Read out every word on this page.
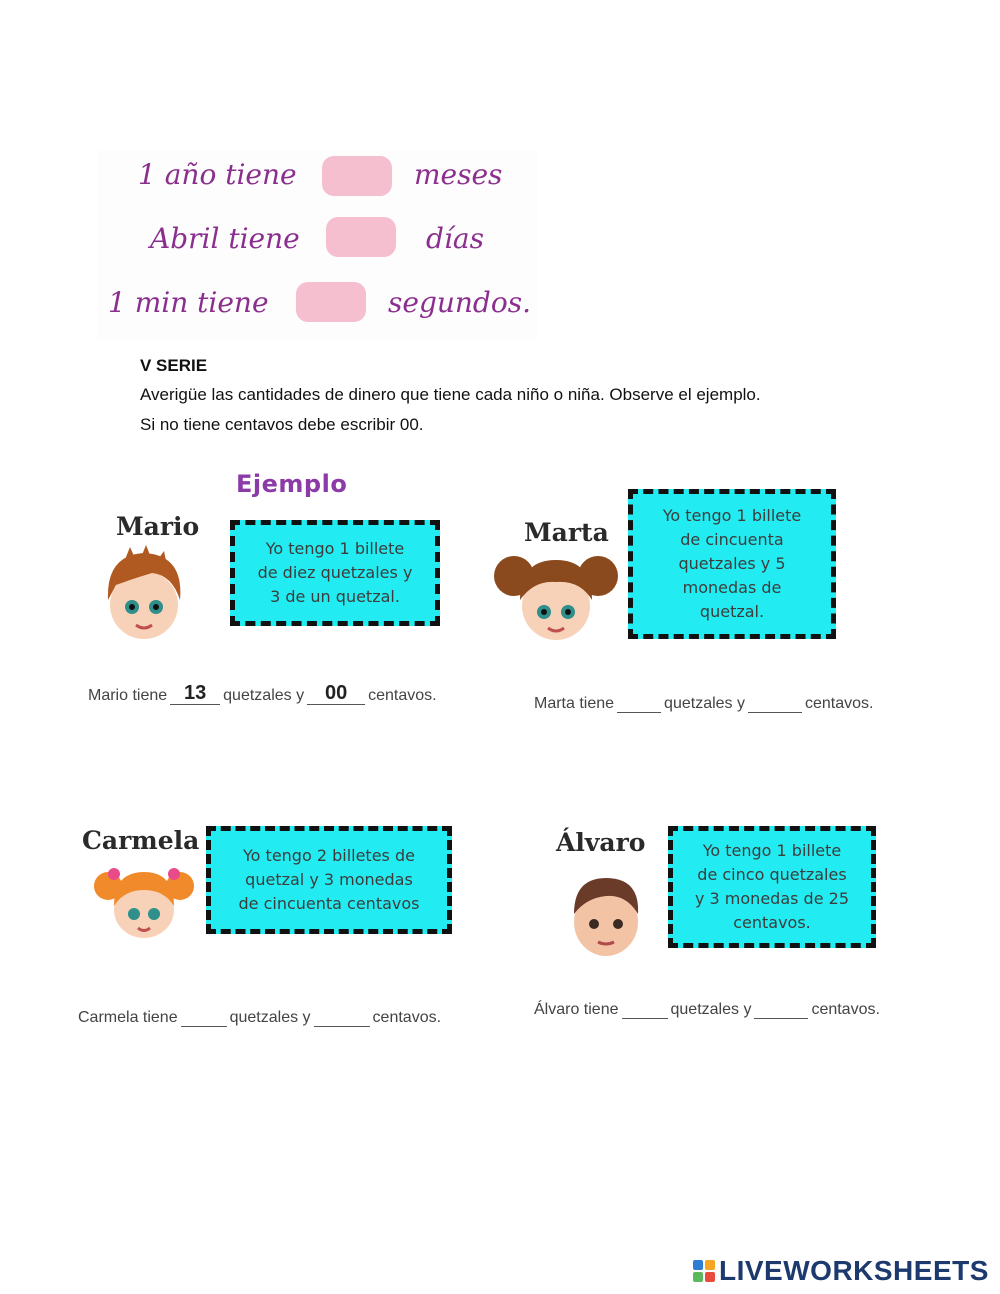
1 año tiene	meses
Abril tiene	días
1 min tiene	segundos.
V SERIE
Averigüe las cantidades de dinero que tiene cada niño o niña. Observe el ejemplo.
Si no tiene centavos debe escribir 00.
Ejemplo
Mario
Yo tengo 1 billete
de diez quetzales y
3 de un quetzal.
Mario tiene 13	quetzales y	00	centavos.
Marta
Yo tengo 1 billete
de cincuenta
quetzales y 5
monedas de
quetzal.
Marta tiene	quetzales y	centavos.
Carmela
Yo tengo 2 billetes de
quetzal y 3 monedas
de cincuenta centavos
Carmela tiene	quetzales y	centavos.
Álvaro	Yo tengo 1 billete
de cinco quetzales
y 3 monedas de 25
centavos.
Álvaro tiene	quetzales y	centavos.
LIVEWORKSHEETS
